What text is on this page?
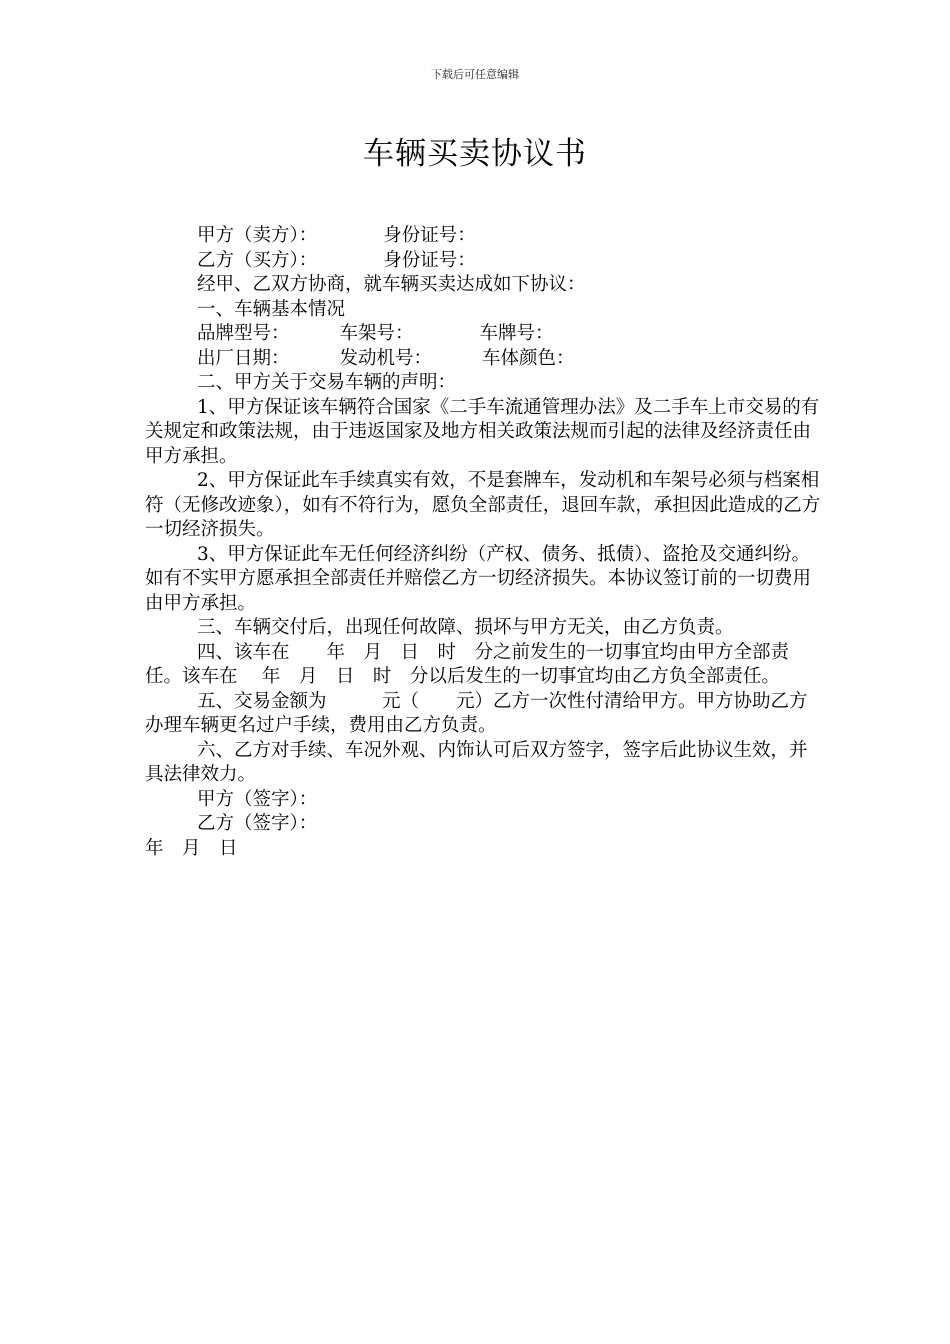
下载后可任意编辑
车辆买卖协议书

甲方（卖方）：	身份证号：

乙方（买方）：	身份证号：

经甲、乙双方协商，就车辆买卖达成如下协议：

一、车辆基本情况

品牌型号：	车架号：	车牌号：

出厂日期：	发动机号：	车体颜色：

二、甲方关于交易车辆的声明：

1、甲方保证该车辆符合国家《二手车流通管理办法》及二手车上市交易的有关规定和政策法规，由于违返国家及地方相关政策法规而引起的法律及经济责任由甲方承担。

2、甲方保证此车手续真实有效，不是套牌车，发动机和车架号必须与档案相符（无修改迹象），如有不符行为，愿负全部责任，退回车款，承担因此造成的乙方一切经济损失。

3、甲方保证此车无任何经济纠纷（产权、债务、抵债）、盗抢及交通纠纷。如有不实甲方愿承担全部责任并赔偿乙方一切经济损失。本协议签订前的一切费用由甲方承担。

三、车辆交付后，出现任何故障、损坏与甲方无关，由乙方负责。

四、该车在　　年　月　日　时　分之前发生的一切事宜均由甲方全部责任。该车在　 年　月　日　时　分以后发生的一切事宜均由乙方负全部责任。

五、交易金额为　　　元（　　元）乙方一次性付清给甲方。甲方协助乙方办理车辆更名过户手续，费用由乙方负责。

六、乙方对手续、车况外观、内饰认可后双方签字，签字后此协议生效，并具法律效力。

甲方（签字）：

乙方（签字）：

年　月　日
